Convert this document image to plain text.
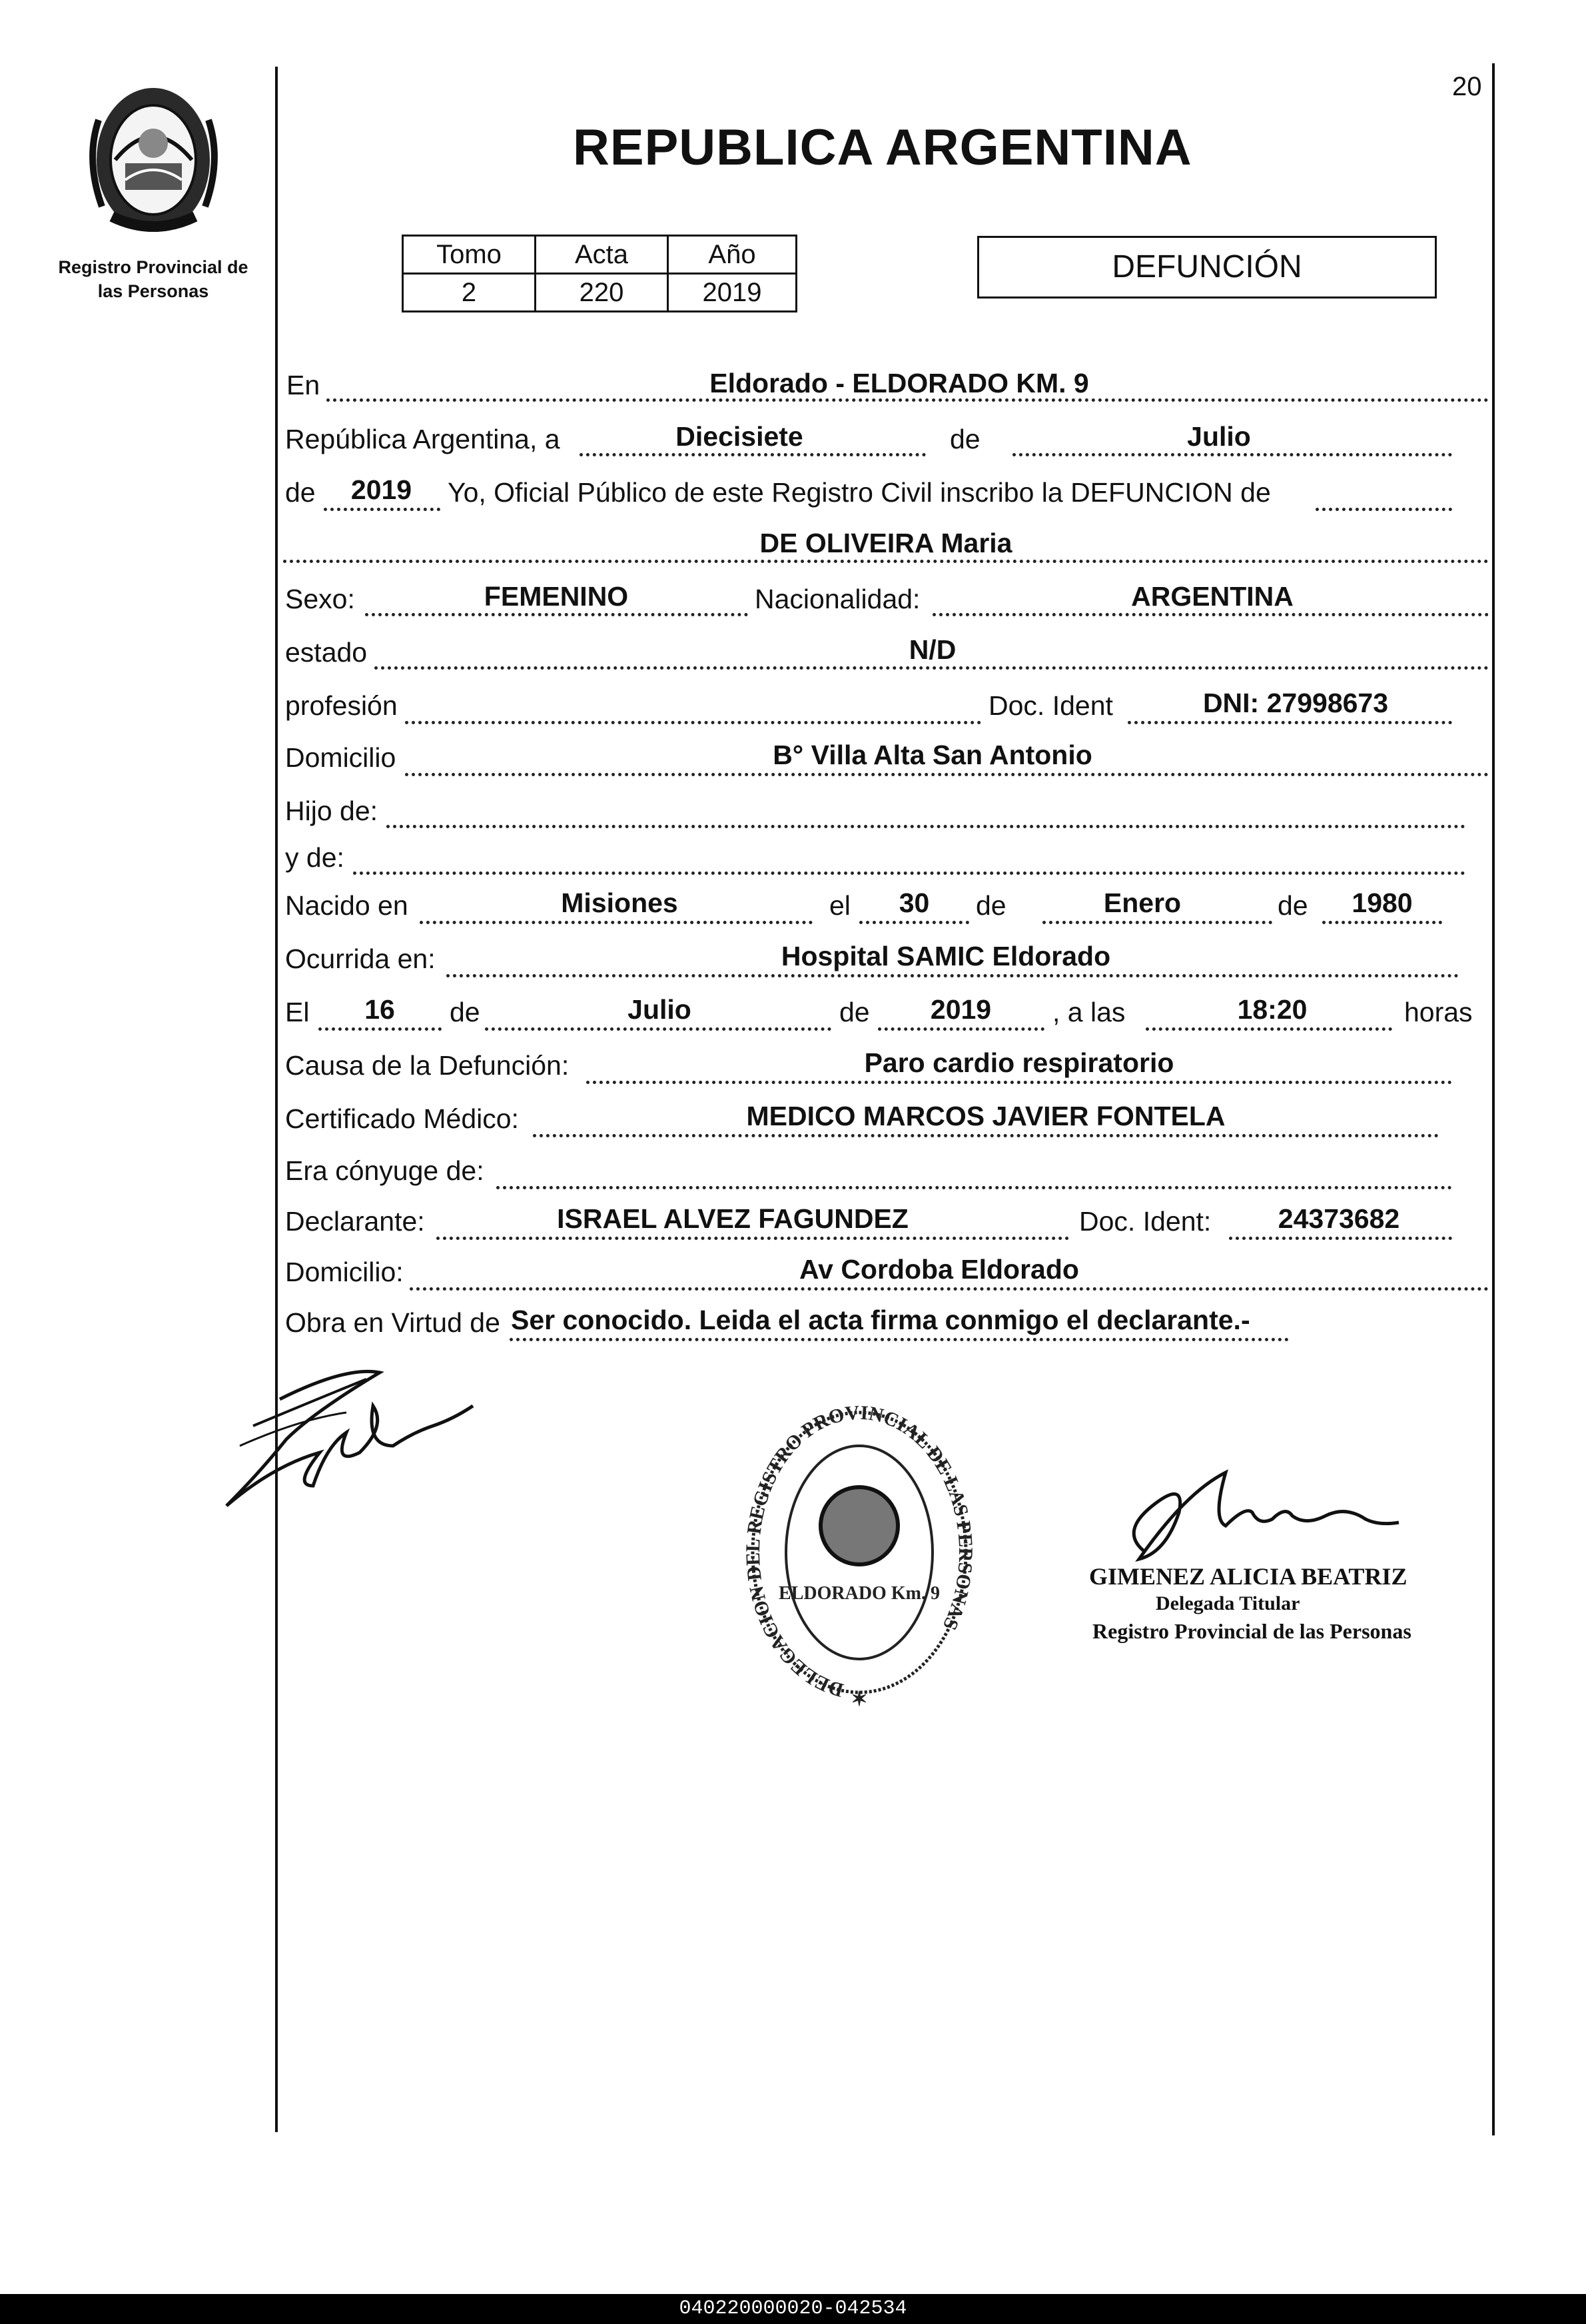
Registro Provincial de
las Personas
20
REPUBLICA ARGENTINA
Tomo	Acta	Año
2	220	2019
DEFUNCIÓN
En	Eldorado - ELDORADO KM. 9
República Argentina, a	Diecisiete	de	Julio
de	2019	Yo, Oficial Público de este Registro Civil inscribo la DEFUNCION de
DE OLIVEIRA Maria
Sexo:	FEMENINO	Nacionalidad:	ARGENTINA
estado	N/D
profesión	Doc. Ident	DNI: 27998673
Domicilio	B° Villa Alta San Antonio
Hijo de:
y de:
Nacido en	Misiones	el	30	de	Enero	de	1980
Ocurrida en:	Hospital SAMIC Eldorado
El	16	de	Julio	de	2019	, a las	18:20	horas
Causa de la Defunción:	Paro cardio respiratorio
Certificado Médico:	MEDICO MARCOS JAVIER FONTELA
Era cónyuge de:
Declarante:	ISRAEL ALVEZ FAGUNDEZ	Doc. Ident:	24373682
Domicilio:	Av Cordoba Eldorado
Obra en Virtud de Ser conocido. Leida el acta firma conmigo el declarante.-
DELEGACION DEL REGISTRO PROVINCIAL DE LAS PERSONAS
ELDORADO Km. 9
✶
GIMENEZ ALICIA BEATRIZ
Delegada Titular
Registro Provincial de las Personas
040220000020-042534
